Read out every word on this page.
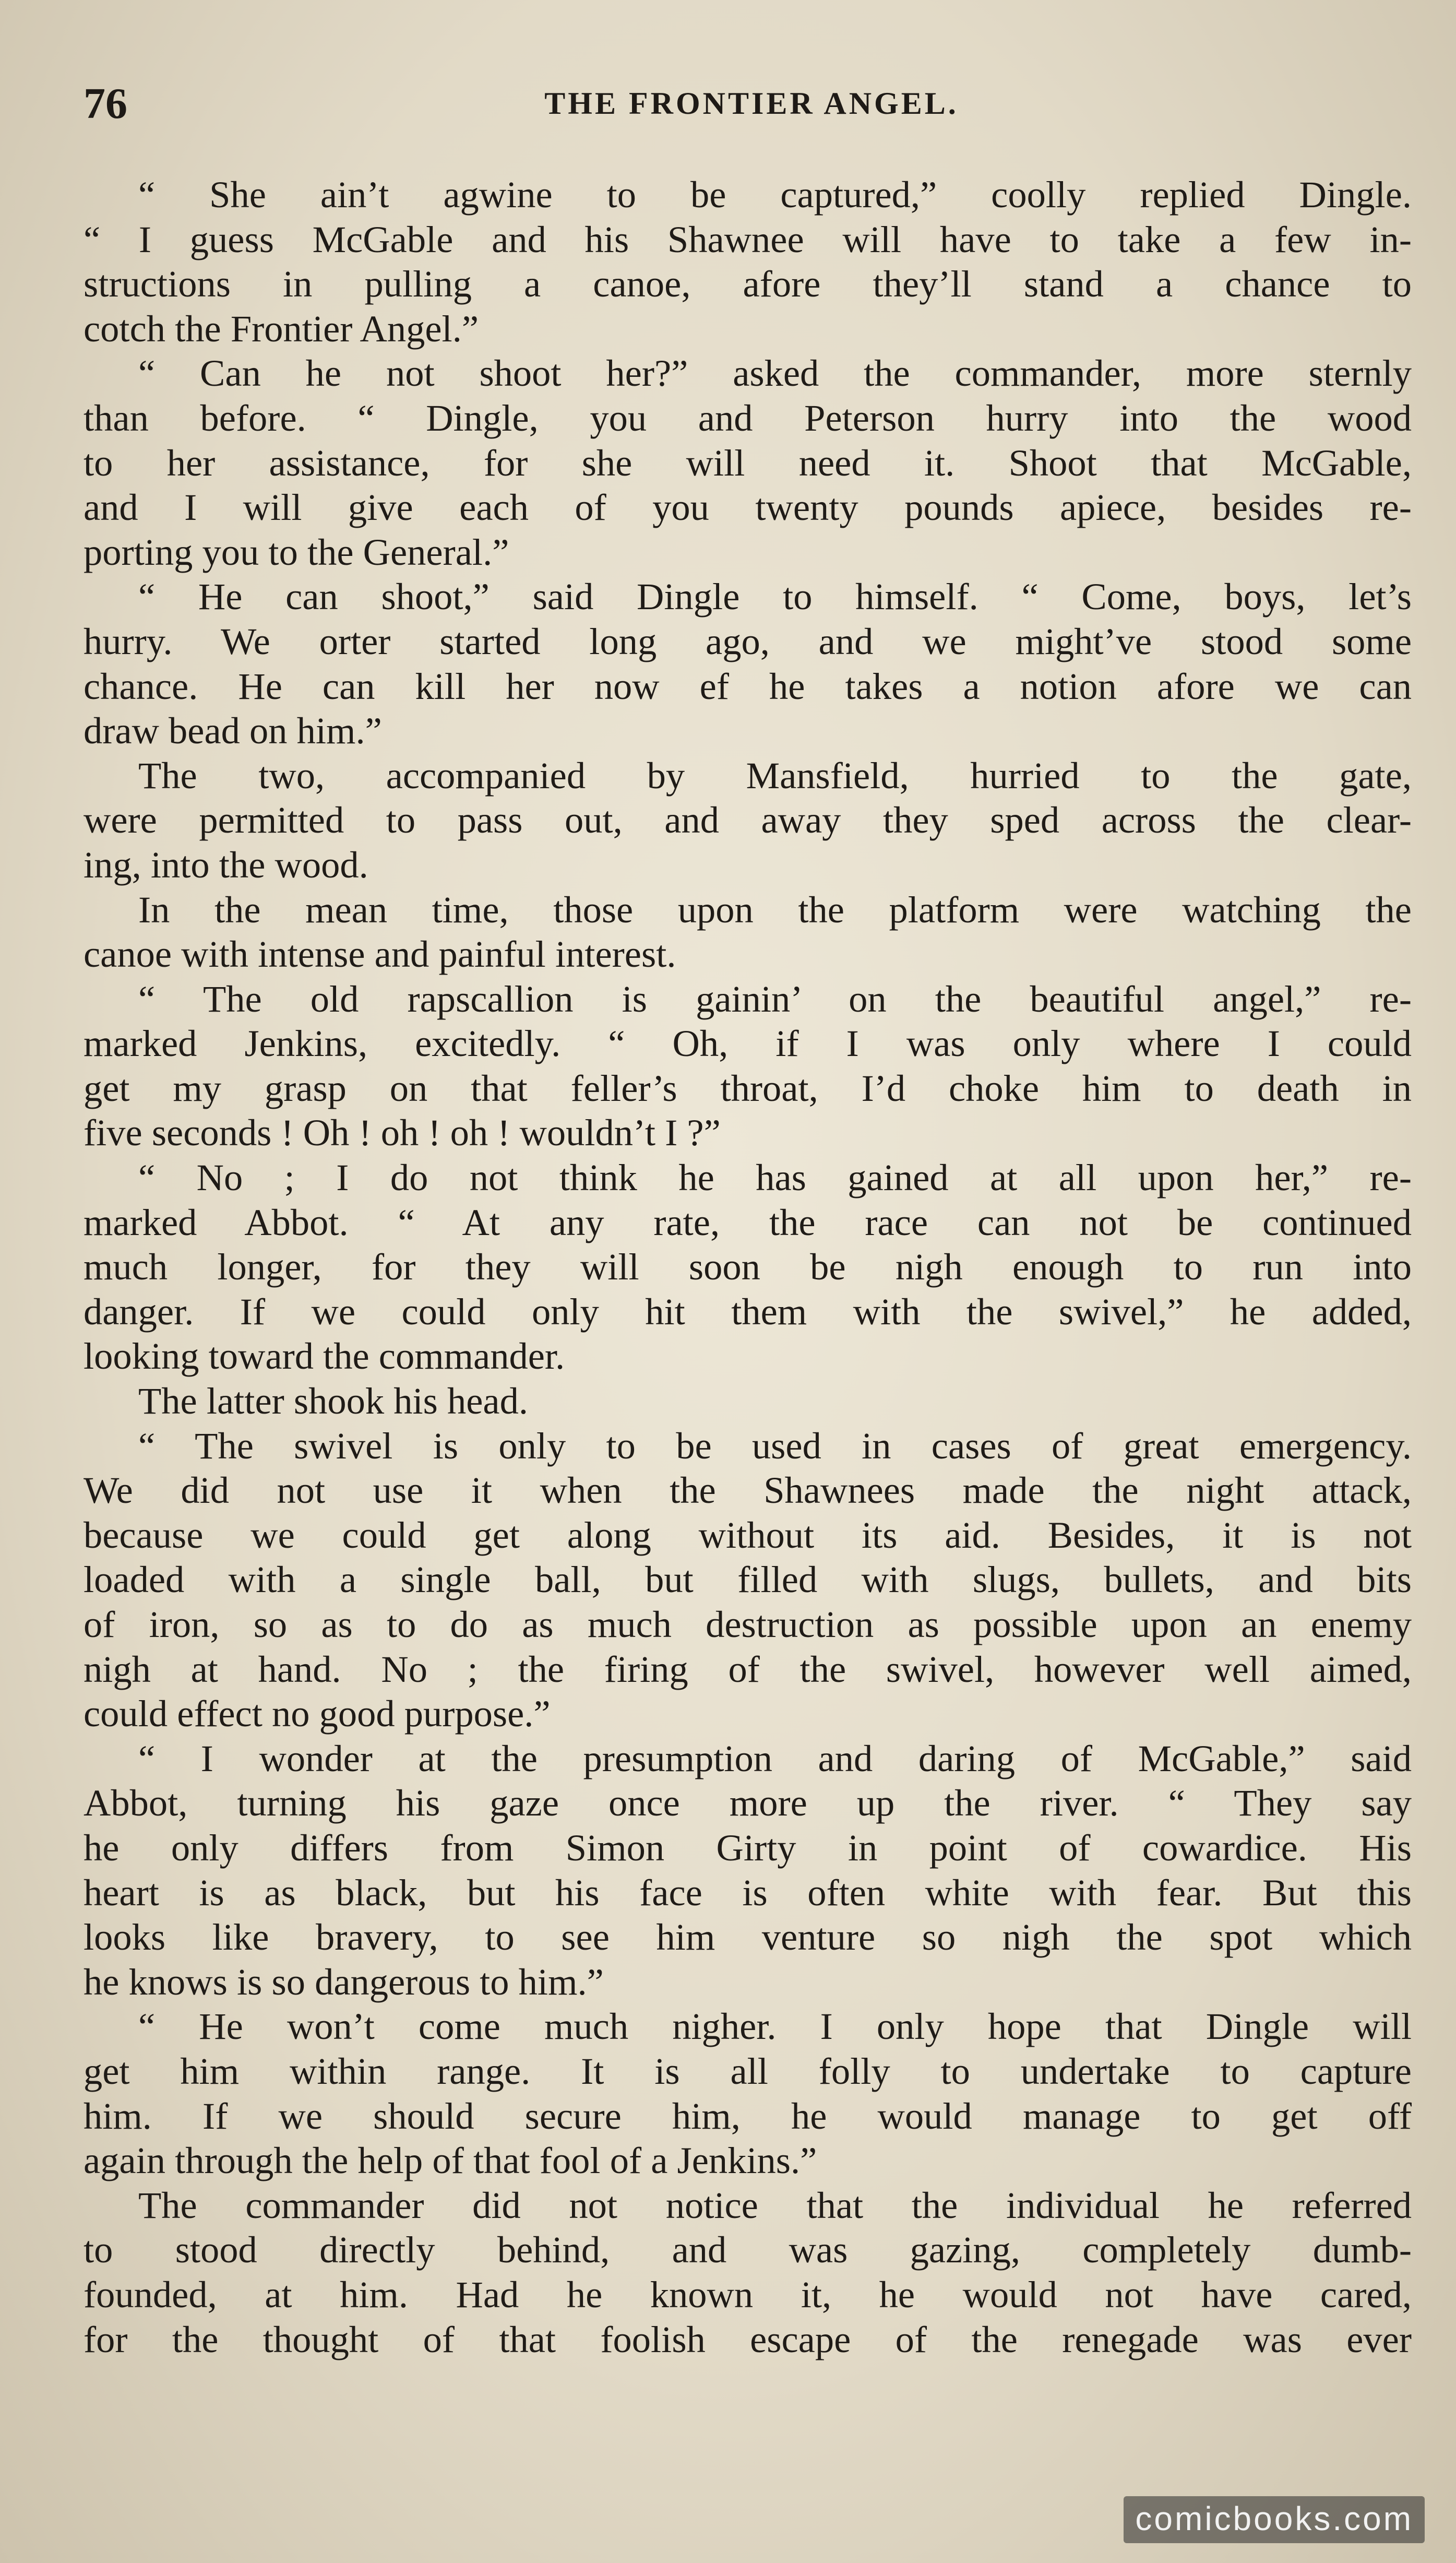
76	THE FRONTIER ANGEL.
“ She ain’t agwine to be captured,” coolly replied Dingle.
“ I guess McGable and his Shawnee will have to take a few in-
structions in pulling a canoe, afore they’ll stand a chance to
cotch the Frontier Angel.”
“ Can he not shoot her?” asked the commander, more sternly
than before. “ Dingle, you and Peterson hurry into the wood
to her assistance, for she will need it. Shoot that McGable,
and I will give each of you twenty pounds apiece, besides re-
porting you to the General.”
“ He can shoot,” said Dingle to himself. “ Come, boys, let’s
hurry. We orter started long ago, and we might’ve stood some
chance. He can kill her now ef he takes a notion afore we can
draw bead on him.”
The two, accompanied by Mansfield, hurried to the gate,
were permitted to pass out, and away they sped across the clear-
ing, into the wood.
In the mean time, those upon the platform were watching the
canoe with intense and painful interest.
“ The old rapscallion is gainin’ on the beautiful angel,” re-
marked Jenkins, excitedly. “ Oh, if I was only where I could
get my grasp on that feller’s throat, I’d choke him to death in
five seconds ! Oh ! oh ! oh ! wouldn’t I ?”
“ No ; I do not think he has gained at all upon her,” re-
marked Abbot. “ At any rate, the race can not be continued
much longer, for they will soon be nigh enough to run into
danger. If we could only hit them with the swivel,” he added,
looking toward the commander.
The latter shook his head.
“ The swivel is only to be used in cases of great emergency.
We did not use it when the Shawnees made the night attack,
because we could get along without its aid. Besides, it is not
loaded with a single ball, but filled with slugs, bullets, and bits
of iron, so as to do as much destruction as possible upon an enemy
nigh at hand. No ; the firing of the swivel, however well aimed,
could effect no good purpose.”
“ I wonder at the presumption and daring of McGable,” said
Abbot, turning his gaze once more up the river. “ They say
he only differs from Simon Girty in point of cowardice. His
heart is as black, but his face is often white with fear. But this
looks like bravery, to see him venture so nigh the spot which
he knows is so dangerous to him.”
“ He won’t come much nigher. I only hope that Dingle will
get him within range. It is all folly to undertake to capture
him. If we should secure him, he would manage to get off
again through the help of that fool of a Jenkins.”
The commander did not notice that the individual he referred
to stood directly behind, and was gazing, completely dumb-
founded, at him. Had he known it, he would not have cared,
for the thought of that foolish escape of the renegade was ever
comicbooks.com
